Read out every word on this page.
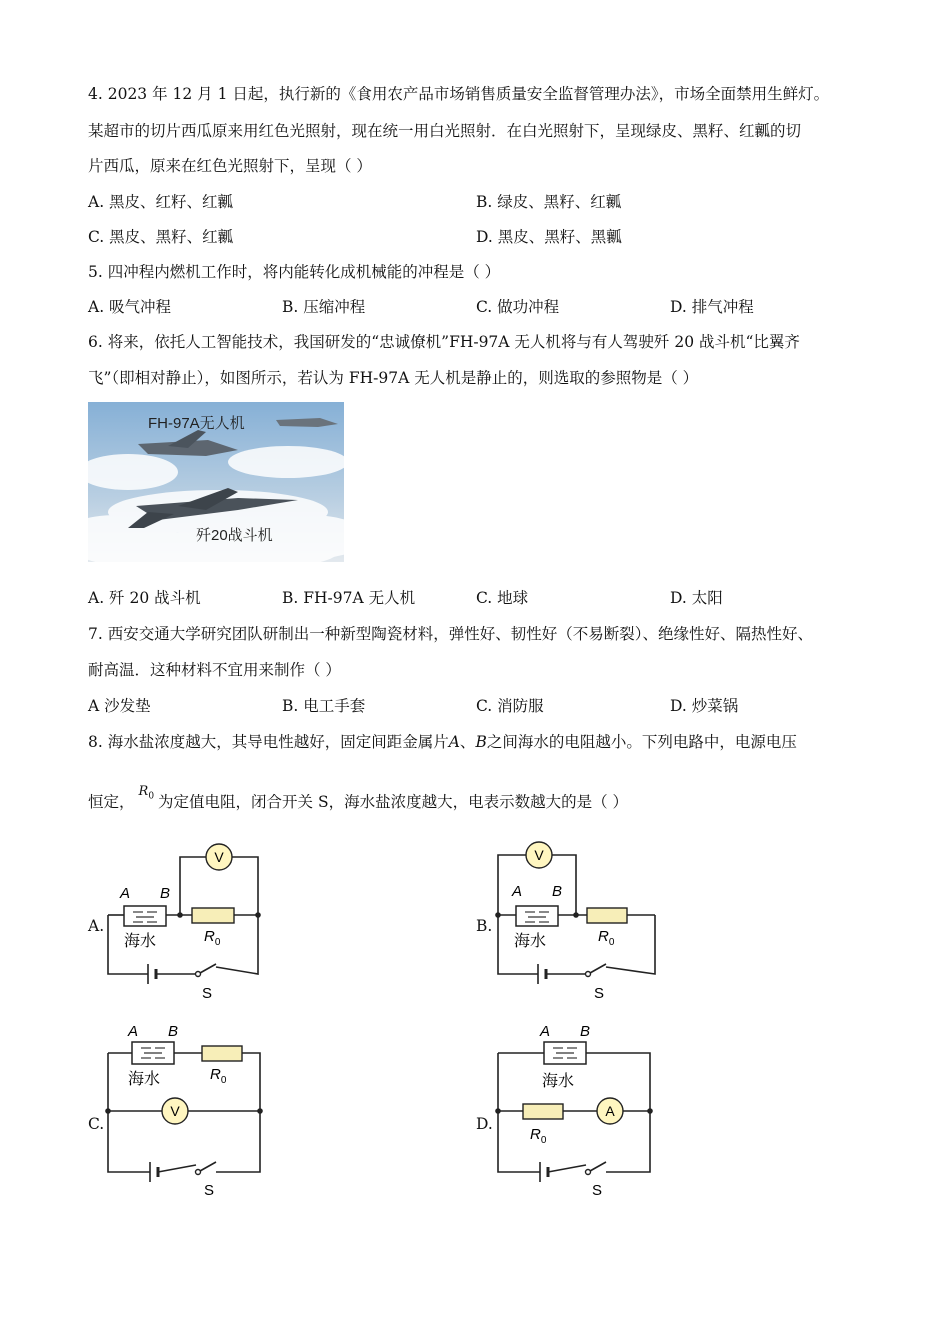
4. 2023 年 12 月 1 日起，执行新的《食用农产品市场销售质量安全监督管理办法》，市场全面禁用生鲜灯。
某超市的切片西瓜原来用红色光照射，现在统一用白光照射．在白光照射下，呈现绿皮、黑籽、红瓤的切
片西瓜，原来在红色光照射下，呈现（ ）
A. 黑皮、红籽、红瓤	B. 绿皮、黑籽、红瓤
C. 黑皮、黑籽、红瓤	D. 黑皮、黑籽、黑瓤
5. 四冲程内燃机工作时，将内能转化成机械能的冲程是（ ）
A. 吸气冲程	B. 压缩冲程	C. 做功冲程	D. 排气冲程
6. 将来，依托人工智能技术，我国研发的“忠诚僚机”FH-97A 无人机将与有人驾驶歼 20 战斗机“比翼齐
飞”（即相对静止），如图所示，若认为 FH-97A 无人机是静止的，则选取的参照物是（ ）
FH-97A无人机
歼20战斗机
A. 歼 20 战斗机	B. FH-97A 无人机	C. 地球	D. 太阳
7. 西安交通大学研究团队研制出一种新型陶瓷材料，弹性好、韧性好（不易断裂）、绝缘性好、隔热性好、
耐高温．这种材料不宜用来制作（ ）
A 沙发垫	B. 电工手套	C. 消防服	D. 炒菜锅
8. 海水盐浓度越大，其导电性越好，固定间距金属片A、B之间海水的电阻越小。下列电路中，电源电压
恒定，$R_0$ 为定值电阻，闭合开关 S，海水盐浓度越大，电表示数越大的是（ ）
A.	B.
C.	D.
V
A B
海水	$R_0$
S
V
A B
海水	$R_0$
S
V
A B
海水	$R_0$
S
A
A B
海水
$R_0$
S
